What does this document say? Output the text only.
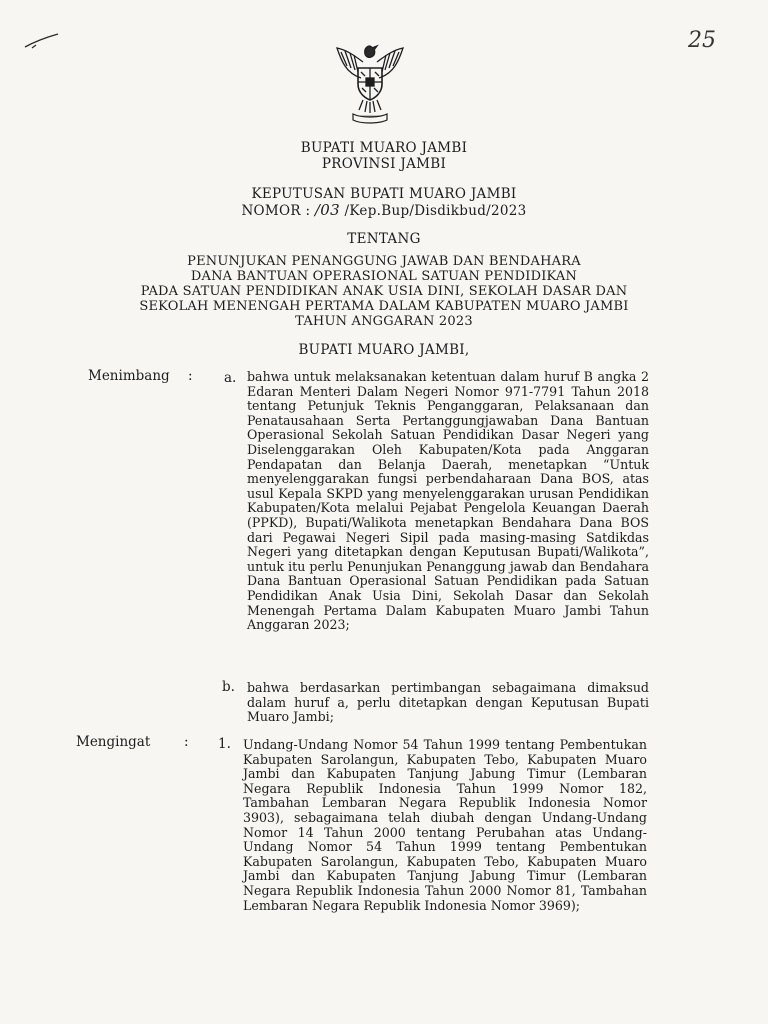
25
BUPATI MUARO JAMBI
PROVINSI JAMBI
KEPUTUSAN BUPATI MUARO JAMBI
NOMOR : /03 /Kep.Bup/Disdikbud/2023
TENTANG
PENUNJUKAN PENANGGUNG JAWAB DAN BENDAHARA
DANA BANTUAN OPERASIONAL SATUAN PENDIDIKAN
PADA SATUAN PENDIDIKAN ANAK USIA DINI, SEKOLAH DASAR DAN
SEKOLAH MENENGAH PERTAMA DALAM KABUPATEN MUARO JAMBI
TAHUN ANGGARAN 2023
BUPATI MUARO JAMBI,
Menimbang : a. bahwa untuk melaksanakan ketentuan dalam huruf B angka 2 Edaran Menteri Dalam Negeri Nomor 971-7791 Tahun 2018 tentang Petunjuk Teknis Penganggaran, Pelaksanaan dan Penatausahaan Serta Pertanggungjawaban Dana Bantuan Operasional Sekolah Satuan Pendidikan Dasar Negeri yang Diselenggarakan Oleh Kabupaten/Kota pada Anggaran Pendapatan dan Belanja Daerah, menetapkan “Untuk menyelenggarakan fungsi perbendaharaan Dana BOS, atas usul Kepala SKPD yang menyelenggarakan urusan Pendidikan Kabupaten/Kota melalui Pejabat Pengelola Keuangan Daerah (PPKD), Bupati/Walikota menetapkan Bendahara Dana BOS dari Pegawai Negeri Sipil pada masing-masing Satdikdas Negeri yang ditetapkan dengan Keputusan Bupati/Walikota”, untuk itu perlu Penunjukan Penanggung jawab dan Bendahara Dana Bantuan Operasional Satuan Pendidikan pada Satuan Pendidikan Anak Usia Dini, Sekolah Dasar dan Sekolah Menengah Pertama Dalam Kabupaten Muaro Jambi Tahun Anggaran 2023;
b. bahwa berdasarkan pertimbangan sebagaimana dimaksud dalam huruf a, perlu ditetapkan dengan Keputusan Bupati Muaro Jambi;
Mengingat : 1. Undang-Undang Nomor 54 Tahun 1999 tentang Pembentukan Kabupaten Sarolangun, Kabupaten Tebo, Kabupaten Muaro Jambi dan Kabupaten Tanjung Jabung Timur (Lembaran Negara Republik Indonesia Tahun 1999 Nomor 182, Tambahan Lembaran Negara Republik Indonesia Nomor 3903), sebagaimana telah diubah dengan Undang-Undang Nomor 14 Tahun 2000 tentang Perubahan atas Undang-Undang Nomor 54 Tahun 1999 tentang Pembentukan Kabupaten Sarolangun, Kabupaten Tebo, Kabupaten Muaro Jambi dan Kabupaten Tanjung Jabung Timur (Lembaran Negara Republik Indonesia Tahun 2000 Nomor 81, Tambahan Lembaran Negara Republik Indonesia Nomor 3969);
